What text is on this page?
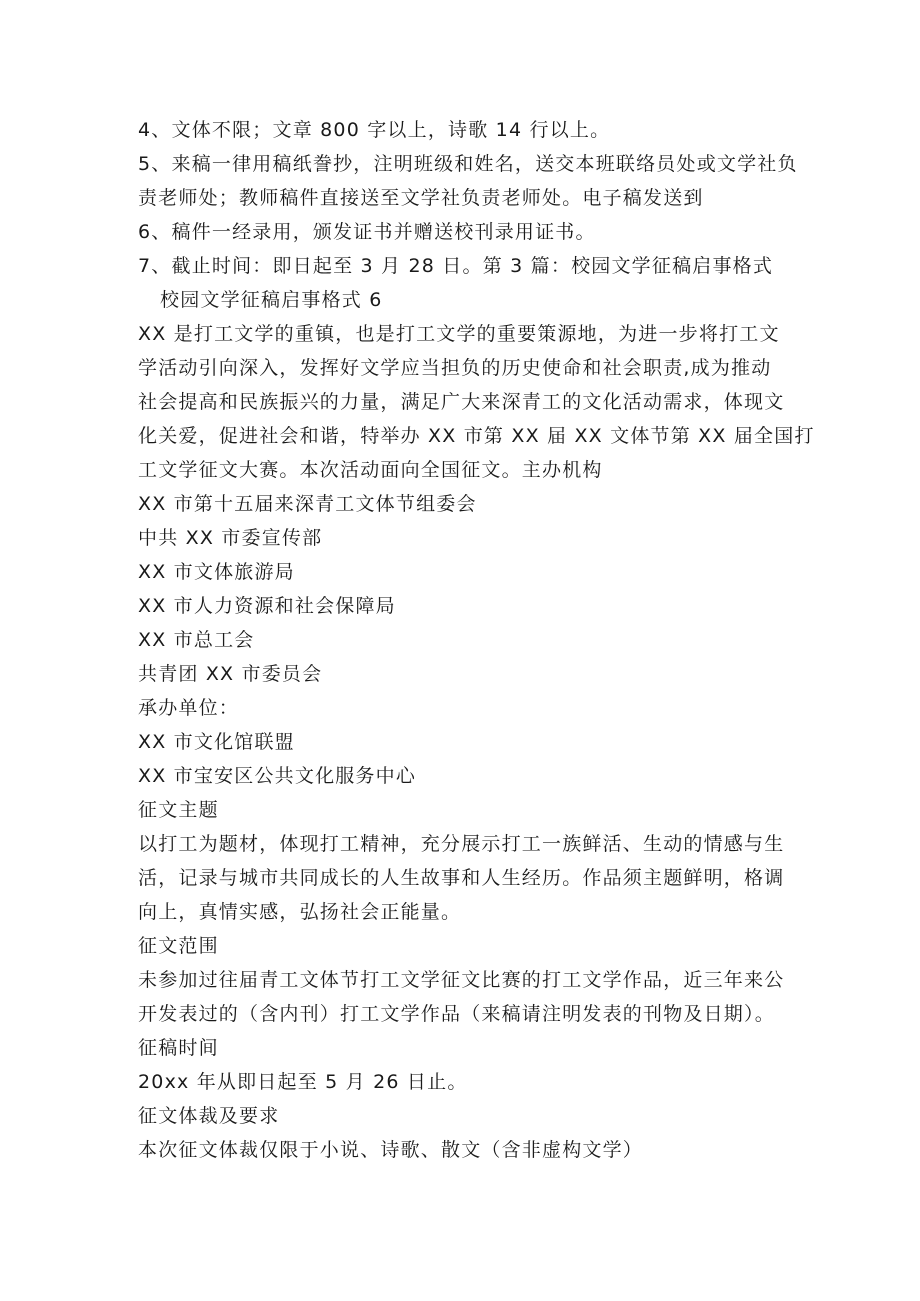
4、文体不限；文章 800 字以上，诗歌 14 行以上。
5、来稿一律用稿纸誊抄，注明班级和姓名，送交本班联络员处或文学社负
责老师处；教师稿件直接送至文学社负责老师处。电子稿发送到
6、稿件一经录用，颁发证书并赠送校刊录用证书。
7、截止时间：即日起至 3 月 28 日。第 3 篇：校园文学征稿启事格式
校园文学征稿启事格式 6
XX 是打工文学的重镇，也是打工文学的重要策源地，为进一步将打工文
学活动引向深入，发挥好文学应当担负的历史使命和社会职责,成为推动
社会提高和民族振兴的力量，满足广大来深青工的文化活动需求，体现文
化关爱，促进社会和谐，特举办 XX 市第 XX 届 XX 文体节第 XX 届全国打
工文学征文大赛。本次活动面向全国征文。主办机构
XX 市第十五届来深青工文体节组委会
中共 XX 市委宣传部
XX 市文体旅游局
XX 市人力资源和社会保障局
XX 市总工会
共青团 XX 市委员会
承办单位：
XX 市文化馆联盟
XX 市宝安区公共文化服务中心
征文主题
以打工为题材，体现打工精神，充分展示打工一族鲜活、生动的情感与生
活，记录与城市共同成长的人生故事和人生经历。作品须主题鲜明，格调
向上，真情实感，弘扬社会正能量。
征文范围
未参加过往届青工文体节打工文学征文比赛的打工文学作品，近三年来公
开发表过的（含内刊）打工文学作品（来稿请注明发表的刊物及日期）。
征稿时间
20xx 年从即日起至 5 月 26 日止。
征文体裁及要求
本次征文体裁仅限于小说、诗歌、散文（含非虚构文学）
